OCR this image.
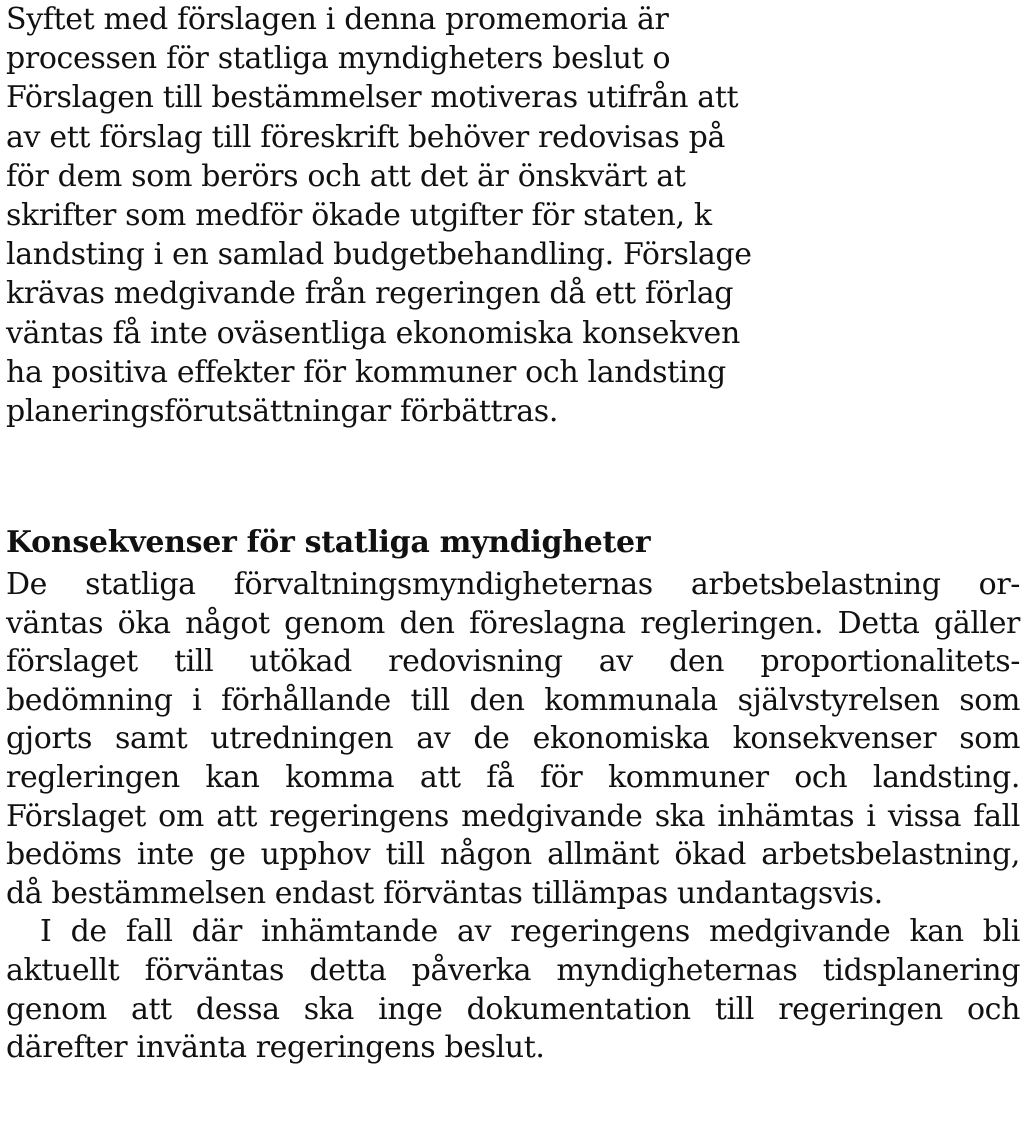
Syftet med förslagen i denna promemoria är
processen för statliga myndigheters beslut o
Förslagen till bestämmelser motiveras utifrån att
av ett förslag till föreskrift behöver redovisas på
för dem som berörs och att det är önskvärt at
skrifter som medför ökade utgifter för staten, k
landsting i en samlad budgetbehandling. Förslage
krävas medgivande från regeringen då ett förlag
väntas få inte oväsentliga ekonomiska konsekven
ha positiva effekter för kommuner och landsting
planeringsförutsättningar förbättras.
Konsekvenser för statliga myndigheter
De statliga förvaltningsmyndigheternas arbetsbelastning or-
väntas öka något genom den föreslagna regleringen. Detta gäller
förslaget till utökad redovisning av den proportionalitets-
bedömning i förhållande till den kommunala självstyrelsen som
gjorts samt utredningen av de ekonomiska konsekvenser som
regleringen kan komma att få för kommuner och landsting.
Förslaget om att regeringens medgivande ska inhämtas i vissa fall
bedöms inte ge upphov till någon allmänt ökad arbetsbelastning,
då bestämmelsen endast förväntas tillämpas undantagsvis.
I de fall där inhämtande av regeringens medgivande kan bli
aktuellt förväntas detta påverka myndigheternas tidsplanering
genom att dessa ska inge dokumentation till regeringen och
därefter invänta regeringens beslut.
